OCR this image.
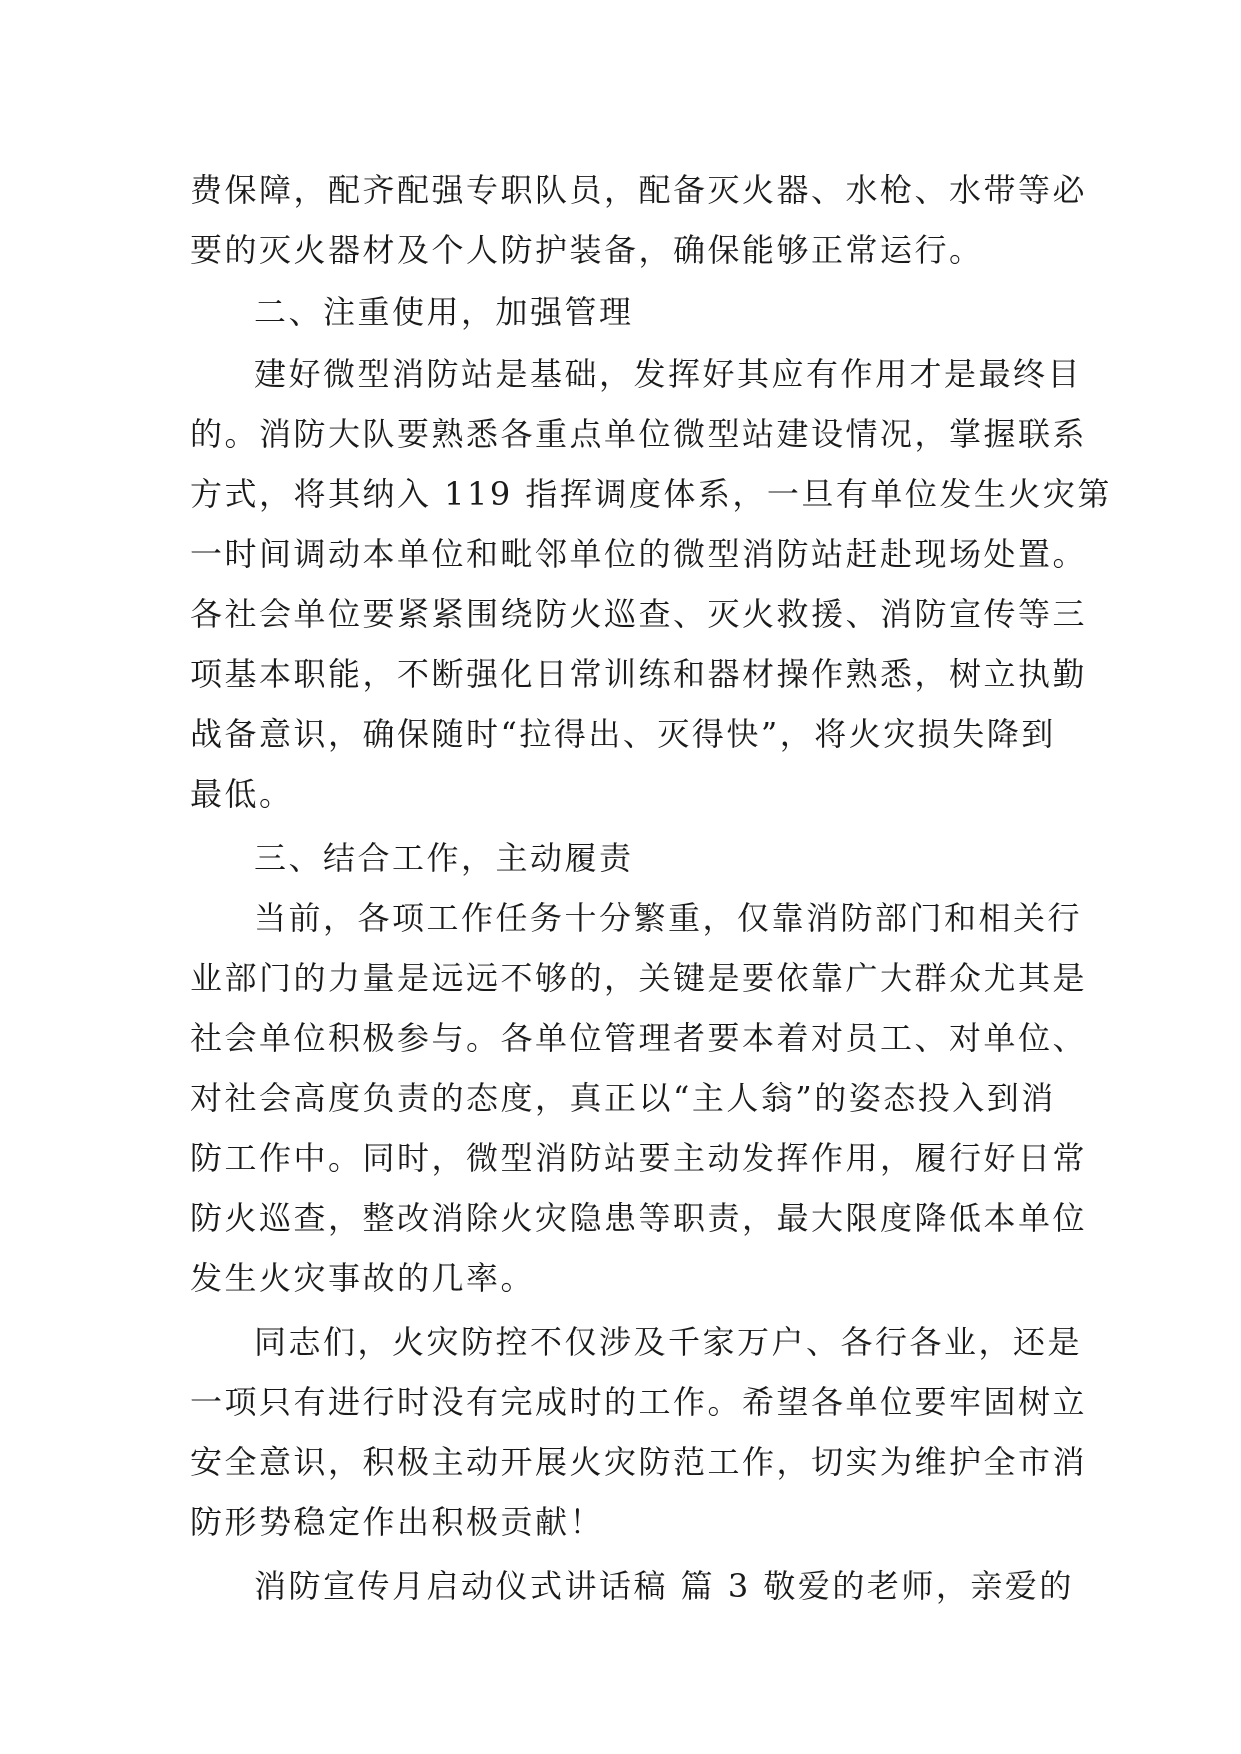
费保障，配齐配强专职队员，配备灭火器、水枪、水带等必
要的灭火器材及个人防护装备，确保能够正常运行。
二、注重使用，加强管理
建好微型消防站是基础，发挥好其应有作用才是最终目
的。消防大队要熟悉各重点单位微型站建设情况，掌握联系
方式，将其纳入 119 指挥调度体系，一旦有单位发生火灾第
一时间调动本单位和毗邻单位的微型消防站赶赴现场处置。
各社会单位要紧紧围绕防火巡查、灭火救援、消防宣传等三
项基本职能，不断强化日常训练和器材操作熟悉，树立执勤
战备意识，确保随时“拉得出、灭得快”，将火灾损失降到
最低。
三、结合工作，主动履责
当前，各项工作任务十分繁重，仅靠消防部门和相关行
业部门的力量是远远不够的，关键是要依靠广大群众尤其是
社会单位积极参与。各单位管理者要本着对员工、对单位、
对社会高度负责的态度，真正以“主人翁”的姿态投入到消
防工作中。同时，微型消防站要主动发挥作用，履行好日常
防火巡查，整改消除火灾隐患等职责，最大限度降低本单位
发生火灾事故的几率。
同志们，火灾防控不仅涉及千家万户、各行各业，还是
一项只有进行时没有完成时的工作。希望各单位要牢固树立
安全意识，积极主动开展火灾防范工作，切实为维护全市消
防形势稳定作出积极贡献！
消防宣传月启动仪式讲话稿 篇 3 敬爱的老师，亲爱的
